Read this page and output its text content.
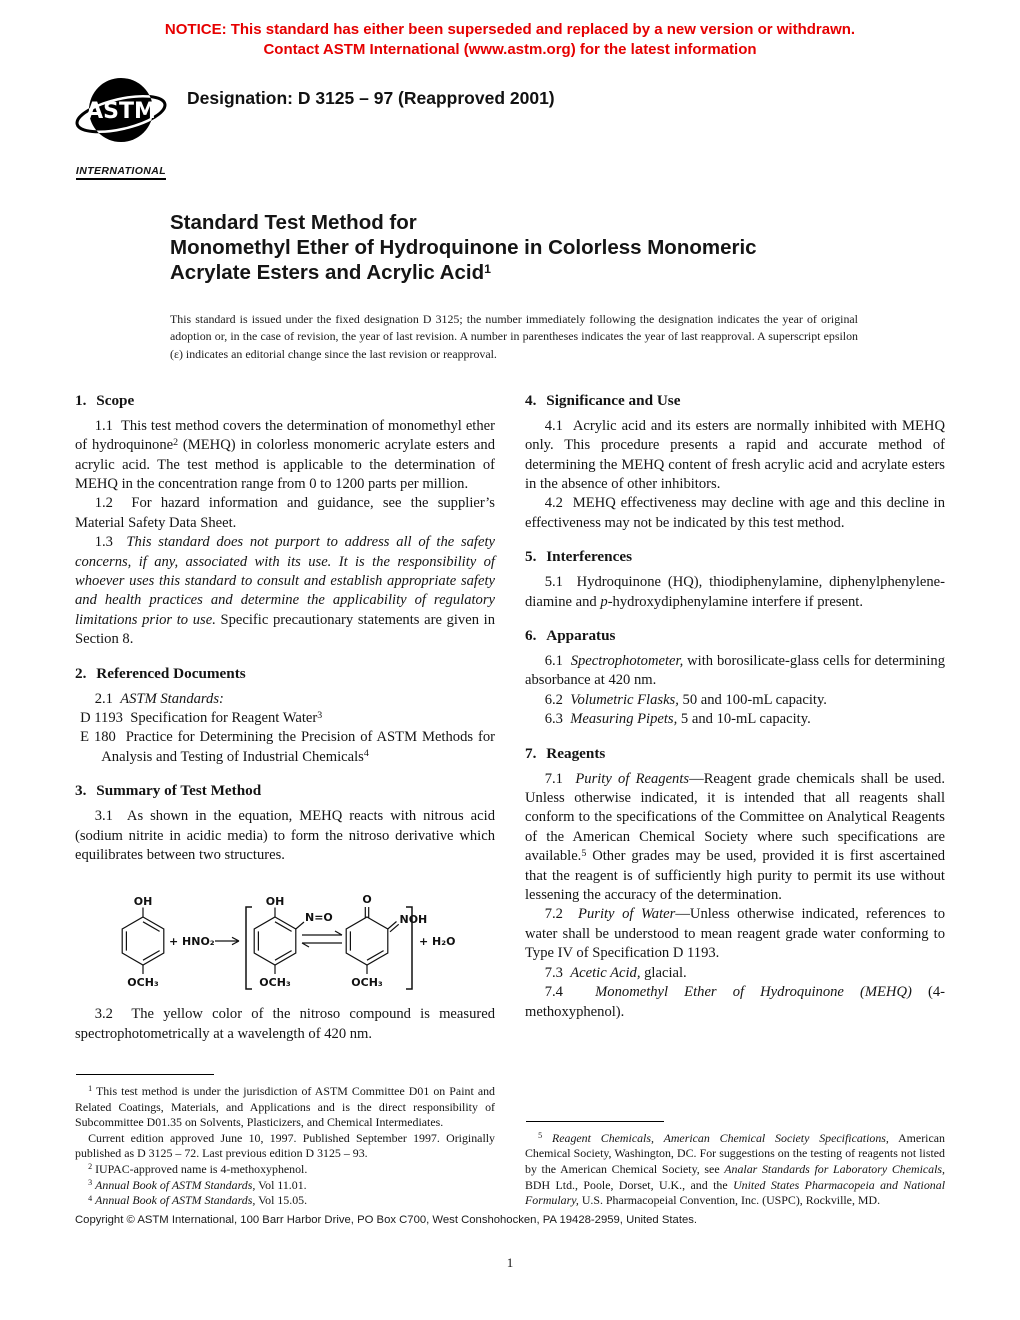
NOTICE: This standard has either been superseded and replaced by a new version or withdrawn.
Contact ASTM International (www.astm.org) for the latest information
ASTM
INTERNATIONAL
Designation: D 3125 – 97 (Reapproved 2001)
Standard Test Method for
Monomethyl Ether of Hydroquinone in Colorless Monomeric
Acrylate Esters and Acrylic Acid$^1$

This standard is issued under the fixed designation D 3125; the number immediately following the designation indicates the year of original adoption or, in the case of revision, the year of last revision. A number in parentheses indicates the year of last reapproval. A superscript epsilon (ε) indicates an editorial change since the last revision or reapproval.

1. Scope

1.1  This test method covers the determination of monomethyl ether of hydroquinone$^2$ (MEHQ) in colorless monomeric acrylate esters and acrylic acid. The test method is applicable to the determination of MEHQ in the concentration range from 0 to 1200 parts per million.

1.2  For hazard information and guidance, see the supplier’s Material Safety Data Sheet.

1.3  This standard does not purport to address all of the safety concerns, if any, associated with its use. It is the responsibility of whoever uses this standard to consult and establish appropriate safety and health practices and determine the applicability of regulatory limitations prior to use. Specific precautionary statements are given in Section 8.

2. Referenced Documents

2.1  ASTM Standards:

D 1193  Specification for Reagent Water$^3$

E 180  Practice for Determining the Precision of ASTM Methods for Analysis and Testing of Industrial Chemicals$^4$

3. Summary of Test Method

3.1  As shown in the equation, MEHQ reacts with nitrous acid (sodium nitrite in acidic media) to form the nitroso derivative which equilibrates between two structures.

OH
OCH₃
+ HNO₂
OH
N=O
OCH₃
O
NOH
OCH₃
+ H₂O

3.2  The yellow color of the nitroso compound is measured spectrophotometrically at a wavelength of 420 nm.

$^1$ This test method is under the jurisdiction of ASTM Committee D01 on Paint and Related Coatings, Materials, and Applications and is the direct responsibility of Subcommittee D01.35 on Solvents, Plasticizers, and Chemical Intermediates.

Current edition approved June 10, 1997. Published September 1997. Originally published as D 3125 – 72. Last previous edition D 3125 – 93.

$^2$ IUPAC-approved name is 4-methoxyphenol.

$^3$ Annual Book of ASTM Standards, Vol 11.01.

$^4$ Annual Book of ASTM Standards, Vol 15.05.

4. Significance and Use

4.1  Acrylic acid and its esters are normally inhibited with MEHQ only. This procedure presents a rapid and accurate method of determining the MEHQ content of fresh acrylic acid and acrylate esters in the absence of other inhibitors.

4.2  MEHQ effectiveness may decline with age and this decline in effectiveness may not be indicated by this test method.

5. Interferences

5.1  Hydroquinone (HQ), thiodiphenylamine, diphenylphenylene-diamine and p-hydroxydiphenylamine interfere if present.

6. Apparatus

6.1  Spectrophotometer, with borosilicate-glass cells for determining absorbance at 420 nm.

6.2  Volumetric Flasks, 50 and 100-mL capacity.

6.3  Measuring Pipets, 5 and 10-mL capacity.

7. Reagents

7.1  Purity of Reagents—Reagent grade chemicals shall be used. Unless otherwise indicated, it is intended that all reagents shall conform to the specifications of the Committee on Analytical Reagents of the American Chemical Society where such specifications are available.$^5$ Other grades may be used, provided it is first ascertained that the reagent is of sufficiently high purity to permit its use without lessening the accuracy of the determination.

7.2  Purity of Water—Unless otherwise indicated, references to water shall be understood to mean reagent grade water conforming to Type IV of Specification D 1193.

7.3  Acetic Acid, glacial.

7.4  Monomethyl Ether of Hydroquinone (MEHQ) (4-methoxyphenol).

$^5$ Reagent Chemicals, American Chemical Society Specifications, American Chemical Society, Washington, DC. For suggestions on the testing of reagents not listed by the American Chemical Society, see Analar Standards for Laboratory Chemicals, BDH Ltd., Poole, Dorset, U.K., and the United States Pharmacopeia and National Formulary, U.S. Pharmacopeial Convention, Inc. (USPC), Rockville, MD.

Copyright © ASTM International, 100 Barr Harbor Drive, PO Box C700, West Conshohocken, PA 19428-2959, United States.

1
